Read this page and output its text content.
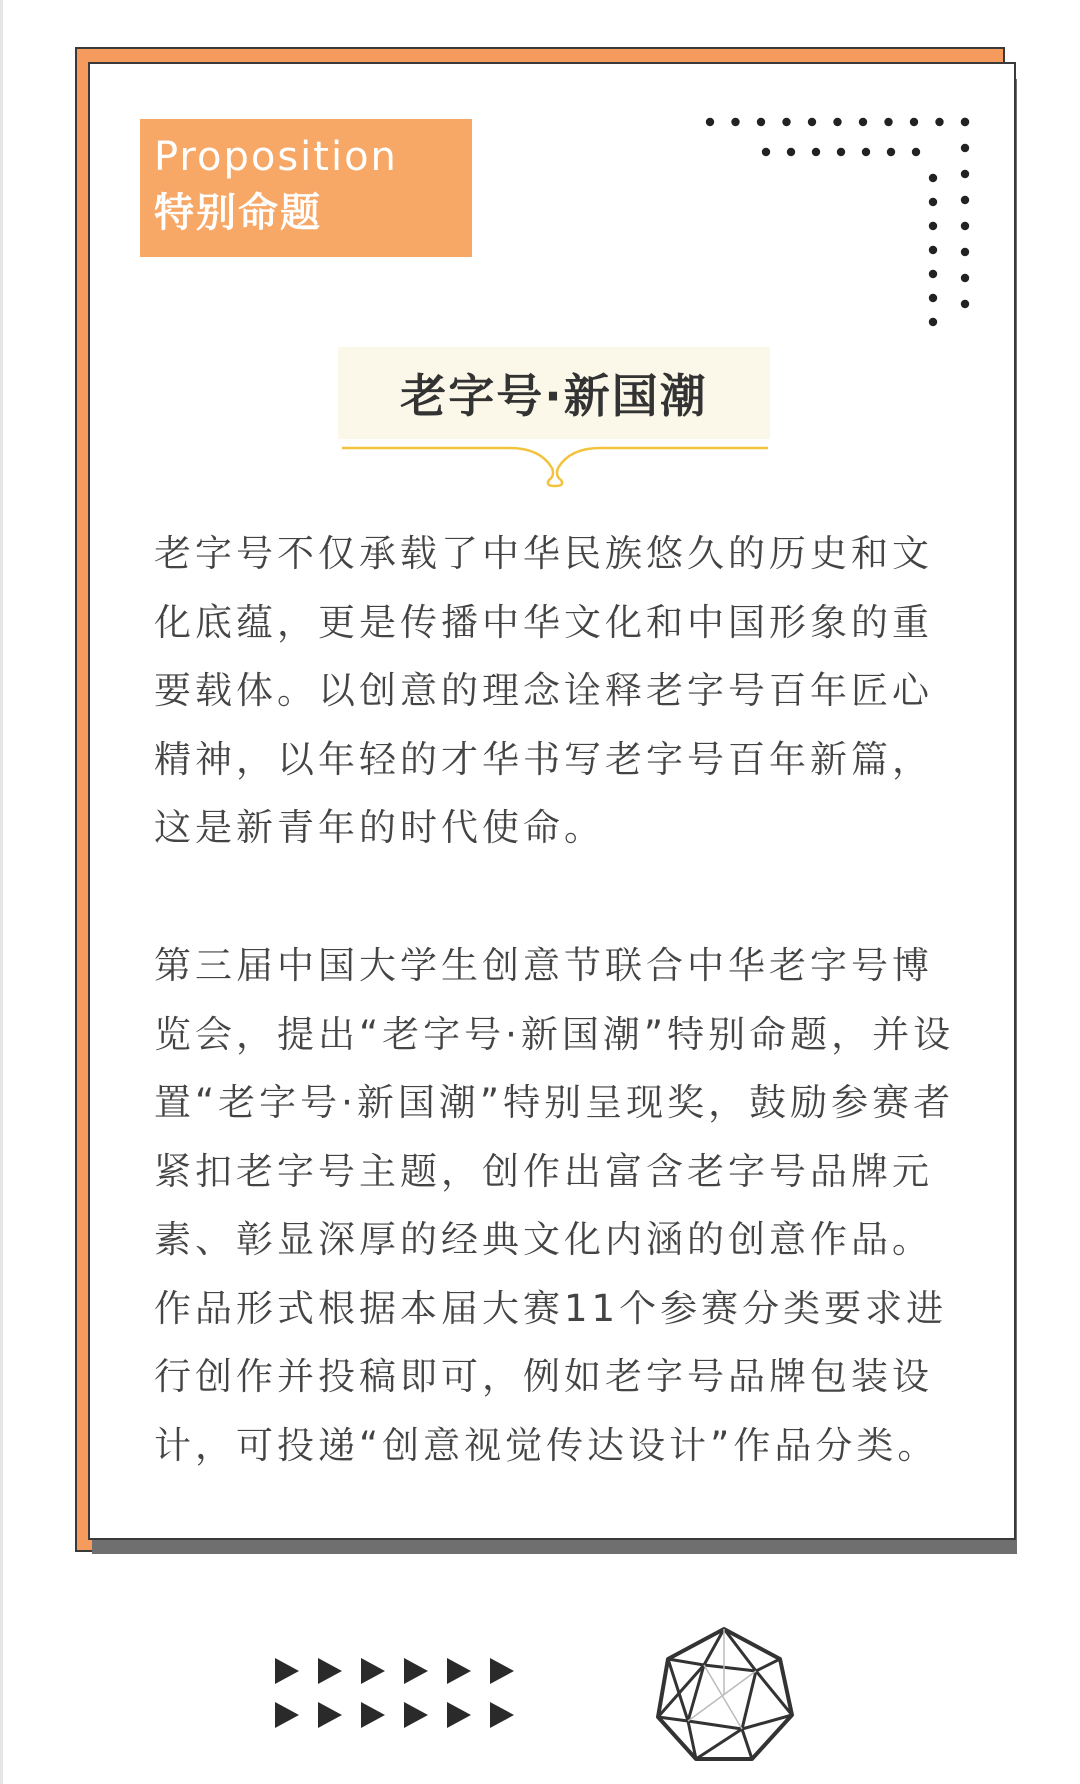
Proposition
特别命题
老字号·新国潮

老字号不仅承载了中华民族悠久的历史和文化底蕴，更是传播中华文化和中国形象的重要载体。以创意的理念诠释老字号百年匠心精神，以年轻的才华书写老字号百年新篇，这是新青年的时代使命。

第三届中国大学生创意节联合中华老字号博览会，提出“老字号·新国潮”特别命题，并设置“老字号·新国潮”特别呈现奖，鼓励参赛者紧扣老字号主题，创作出富含老字号品牌元素、彰显深厚的经典文化内涵的创意作品。作品形式根据本届大赛11个参赛分类要求进行创作并投稿即可，例如老字号品牌包装设计，可投递“创意视觉传达设计”作品分类。
